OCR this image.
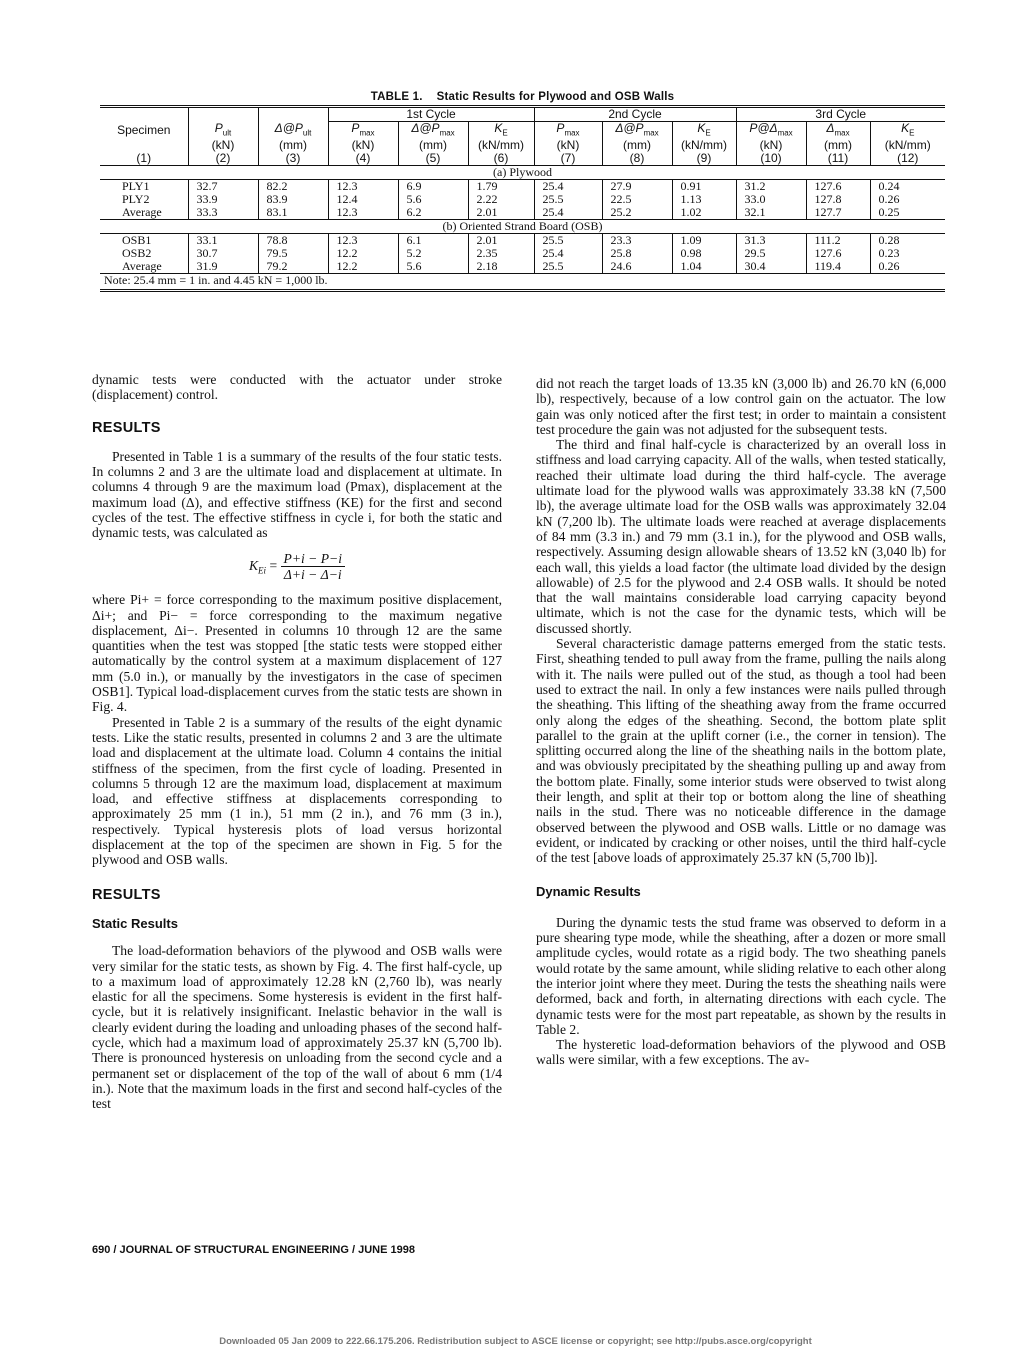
TABLE 1. Static Results for Plywood and OSB Walls
			1st Cycle			2nd Cycle			3rd Cycle		
Specimen	$P_{ult}$	$\Delta@P_{ult}$	$P_{max}$	$\Delta@P_{max}$	$K_E$	$P_{max}$	$\Delta@P_{max}$	$K_E$	$P@\Delta_{max}$	$\Delta_{max}$	$K_E$
	(kN)	(mm)	(kN)	(mm)	(kN/mm)	(kN)	(mm)	(kN/mm)	(kN)	(mm)	(kN/mm)
(1)	(2)	(3)	(4)	(5)	(6)	(7)	(8)	(9)	(10)	(11)	(12)
(a) Plywood											
PLY1	32.7	82.2	12.3	6.9	1.79	25.4	27.9	0.91	31.2	127.6	0.24
PLY2	33.9	83.9	12.4	5.6	2.22	25.5	22.5	1.13	33.0	127.8	0.26
Average	33.3	83.1	12.3	6.2	2.01	25.4	25.2	1.02	32.1	127.7	0.25
(b) Oriented Strand Board (OSB)											
OSB1	33.1	78.8	12.3	6.1	2.01	25.5	23.3	1.09	31.3	111.2	0.28
OSB2	30.7	79.5	12.2	5.2	2.35	25.4	25.8	0.98	29.5	127.6	0.23
Average	31.9	79.2	12.2	5.6	2.18	25.5	24.6	1.04	30.4	119.4	0.26
Note: 25.4 mm = 1 in. and 4.45 kN = 1,000 lb.											

dynamic tests were conducted with the actuator under stroke (displacement) control.

RESULTS

Presented in Table 1 is a summary of the results of the four static tests. In columns 2 and 3 are the ultimate load and displacement at ultimate. In columns 4 through 9 are the maximum load (Pmax), displacement at the maximum load (Δ), and effective stiffness (KE) for the first and second cycles of the test. The effective stiffness in cycle i, for both the static and dynamic tests, was calculated as

$K_{Ei} = \frac{P+i - P-i}{\Delta+i - \Delta-i}$

where Pi+ = force corresponding to the maximum positive displacement, Δi+; and Pi− = force corresponding to the maximum negative displacement, Δi−. Presented in columns 10 through 12 are the same quantities when the test was stopped [the static tests were stopped either automatically by the control system at a maximum displacement of 127 mm (5.0 in.), or manually by the investigators in the case of specimen OSB1]. Typical load-displacement curves from the static tests are shown in Fig. 4.

Presented in Table 2 is a summary of the results of the eight dynamic tests. Like the static results, presented in columns 2 and 3 are the ultimate load and displacement at the ultimate load. Column 4 contains the initial stiffness of the specimen, from the first cycle of loading. Presented in columns 5 through 12 are the maximum load, displacement at maximum load, and effective stiffness at displacements corresponding to approximately 25 mm (1 in.), 51 mm (2 in.), and 76 mm (3 in.), respectively. Typical hysteresis plots of load versus horizontal displacement at the top of the specimen are shown in Fig. 5 for the plywood and OSB walls.

RESULTS
Static Results

The load-deformation behaviors of the plywood and OSB walls were very similar for the static tests, as shown by Fig. 4. The first half-cycle, up to a maximum load of approximately 12.28 kN (2,760 lb), was nearly elastic for all the specimens. Some hysteresis is evident in the first half-cycle, but it is relatively insignificant. Inelastic behavior in the wall is clearly evident during the loading and unloading phases of the second half-cycle, which had a maximum load of approximately 25.37 kN (5,700 lb). There is pronounced hysteresis on unloading from the second cycle and a permanent set or displacement of the top of the wall of about 6 mm (1/4 in.). Note that the maximum loads in the first and second half-cycles of the test

did not reach the target loads of 13.35 kN (3,000 lb) and 26.70 kN (6,000 lb), respectively, because of a low control gain on the actuator. The low gain was only noticed after the first test; in order to maintain a consistent test procedure the gain was not adjusted for the subsequent tests.

The third and final half-cycle is characterized by an overall loss in stiffness and load carrying capacity. All of the walls, when tested statically, reached their ultimate load during the third half-cycle. The average ultimate load for the plywood walls was approximately 33.38 kN (7,500 lb), the average ultimate load for the OSB walls was approximately 32.04 kN (7,200 lb). The ultimate loads were reached at average displacements of 84 mm (3.3 in.) and 79 mm (3.1 in.), for the plywood and OSB walls, respectively. Assuming design allowable shears of 13.52 kN (3,040 lb) for each wall, this yields a load factor (the ultimate load divided by the design allowable) of 2.5 for the plywood and 2.4 OSB walls. It should be noted that the wall maintains considerable load carrying capacity beyond ultimate, which is not the case for the dynamic tests, which will be discussed shortly.

Several characteristic damage patterns emerged from the static tests. First, sheathing tended to pull away from the frame, pulling the nails along with it. The nails were pulled out of the stud, as though a tool had been used to extract the nail. In only a few instances were nails pulled through the sheathing. This lifting of the sheathing away from the frame occurred only along the edges of the sheathing. Second, the bottom plate split parallel to the grain at the uplift corner (i.e., the corner in tension). The splitting occurred along the line of the sheathing nails in the bottom plate, and was obviously precipitated by the sheathing pulling up and away from the bottom plate. Finally, some interior studs were observed to twist along their length, and split at their top or bottom along the line of sheathing nails in the stud. There was no noticeable difference in the damage observed between the plywood and OSB walls. Little or no damage was evident, or indicated by cracking or other noises, until the third half-cycle of the test [above loads of approximately 25.37 kN (5,700 lb)].

Dynamic Results

During the dynamic tests the stud frame was observed to deform in a pure shearing type mode, while the sheathing, after a dozen or more small amplitude cycles, would rotate as a rigid body. The two sheathing panels would rotate by the same amount, while sliding relative to each other along the interior joint where they meet. During the tests the sheathing nails were deformed, back and forth, in alternating directions with each cycle. The dynamic tests were for the most part repeatable, as shown by the results in Table 2.

The hysteretic load-deformation behaviors of the plywood and OSB walls were similar, with a few exceptions. The av-

690 / JOURNAL OF STRUCTURAL ENGINEERING / JUNE 1998
Downloaded 05 Jan 2009 to 222.66.175.206. Redistribution subject to ASCE license or copyright; see http://pubs.asce.org/copyright
